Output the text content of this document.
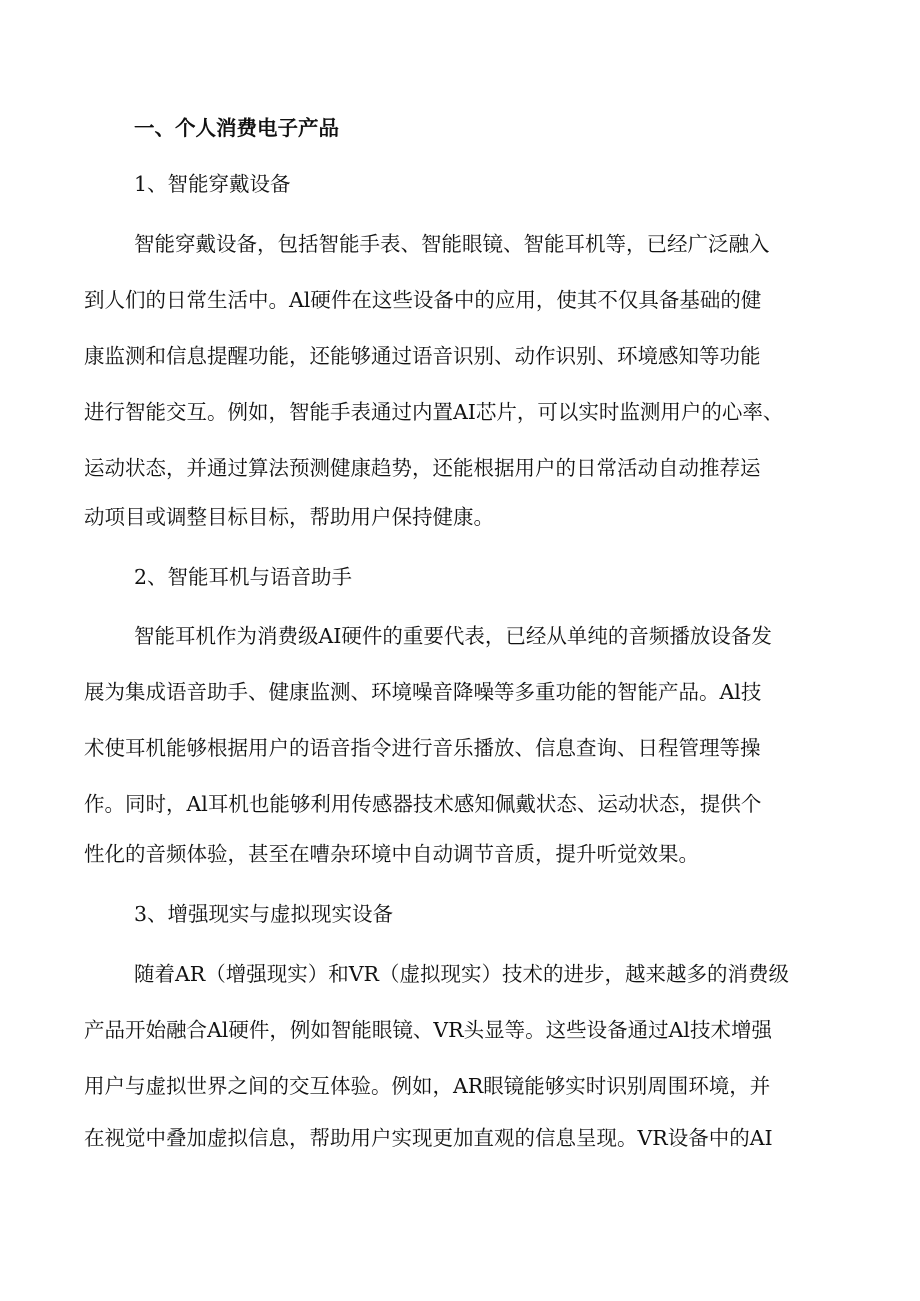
一、个人消费电子产品

1、智能穿戴设备

智能穿戴设备，包括智能手表、智能眼镜、智能耳机等，已经广泛融入

到人们的日常生活中。Al硬件在这些设备中的应用，使其不仅具备基础的健

康监测和信息提醒功能，还能够通过语音识别、动作识别、环境感知等功能

进行智能交互。例如，智能手表通过内置AI芯片，可以实时监测用户的心率、

运动状态，并通过算法预测健康趋势，还能根据用户的日常活动自动推荐运

动项目或调整目标目标，帮助用户保持健康。

2、智能耳机与语音助手

智能耳机作为消费级AI硬件的重要代表，已经从单纯的音频播放设备发

展为集成语音助手、健康监测、环境噪音降噪等多重功能的智能产品。Al技

术使耳机能够根据用户的语音指令进行音乐播放、信息查询、日程管理等操

作。同时，Al耳机也能够利用传感器技术感知佩戴状态、运动状态，提供个

性化的音频体验，甚至在嘈杂环境中自动调节音质，提升听觉效果。

3、增强现实与虚拟现实设备

随着AR（增强现实）和VR（虚拟现实）技术的进步，越来越多的消费级

产品开始融合Al硬件，例如智能眼镜、VR头显等。这些设备通过Al技术增强

用户与虚拟世界之间的交互体验。例如，AR眼镜能够实时识别周围环境，并

在视觉中叠加虚拟信息，帮助用户实现更加直观的信息呈现。VR设备中的AI
